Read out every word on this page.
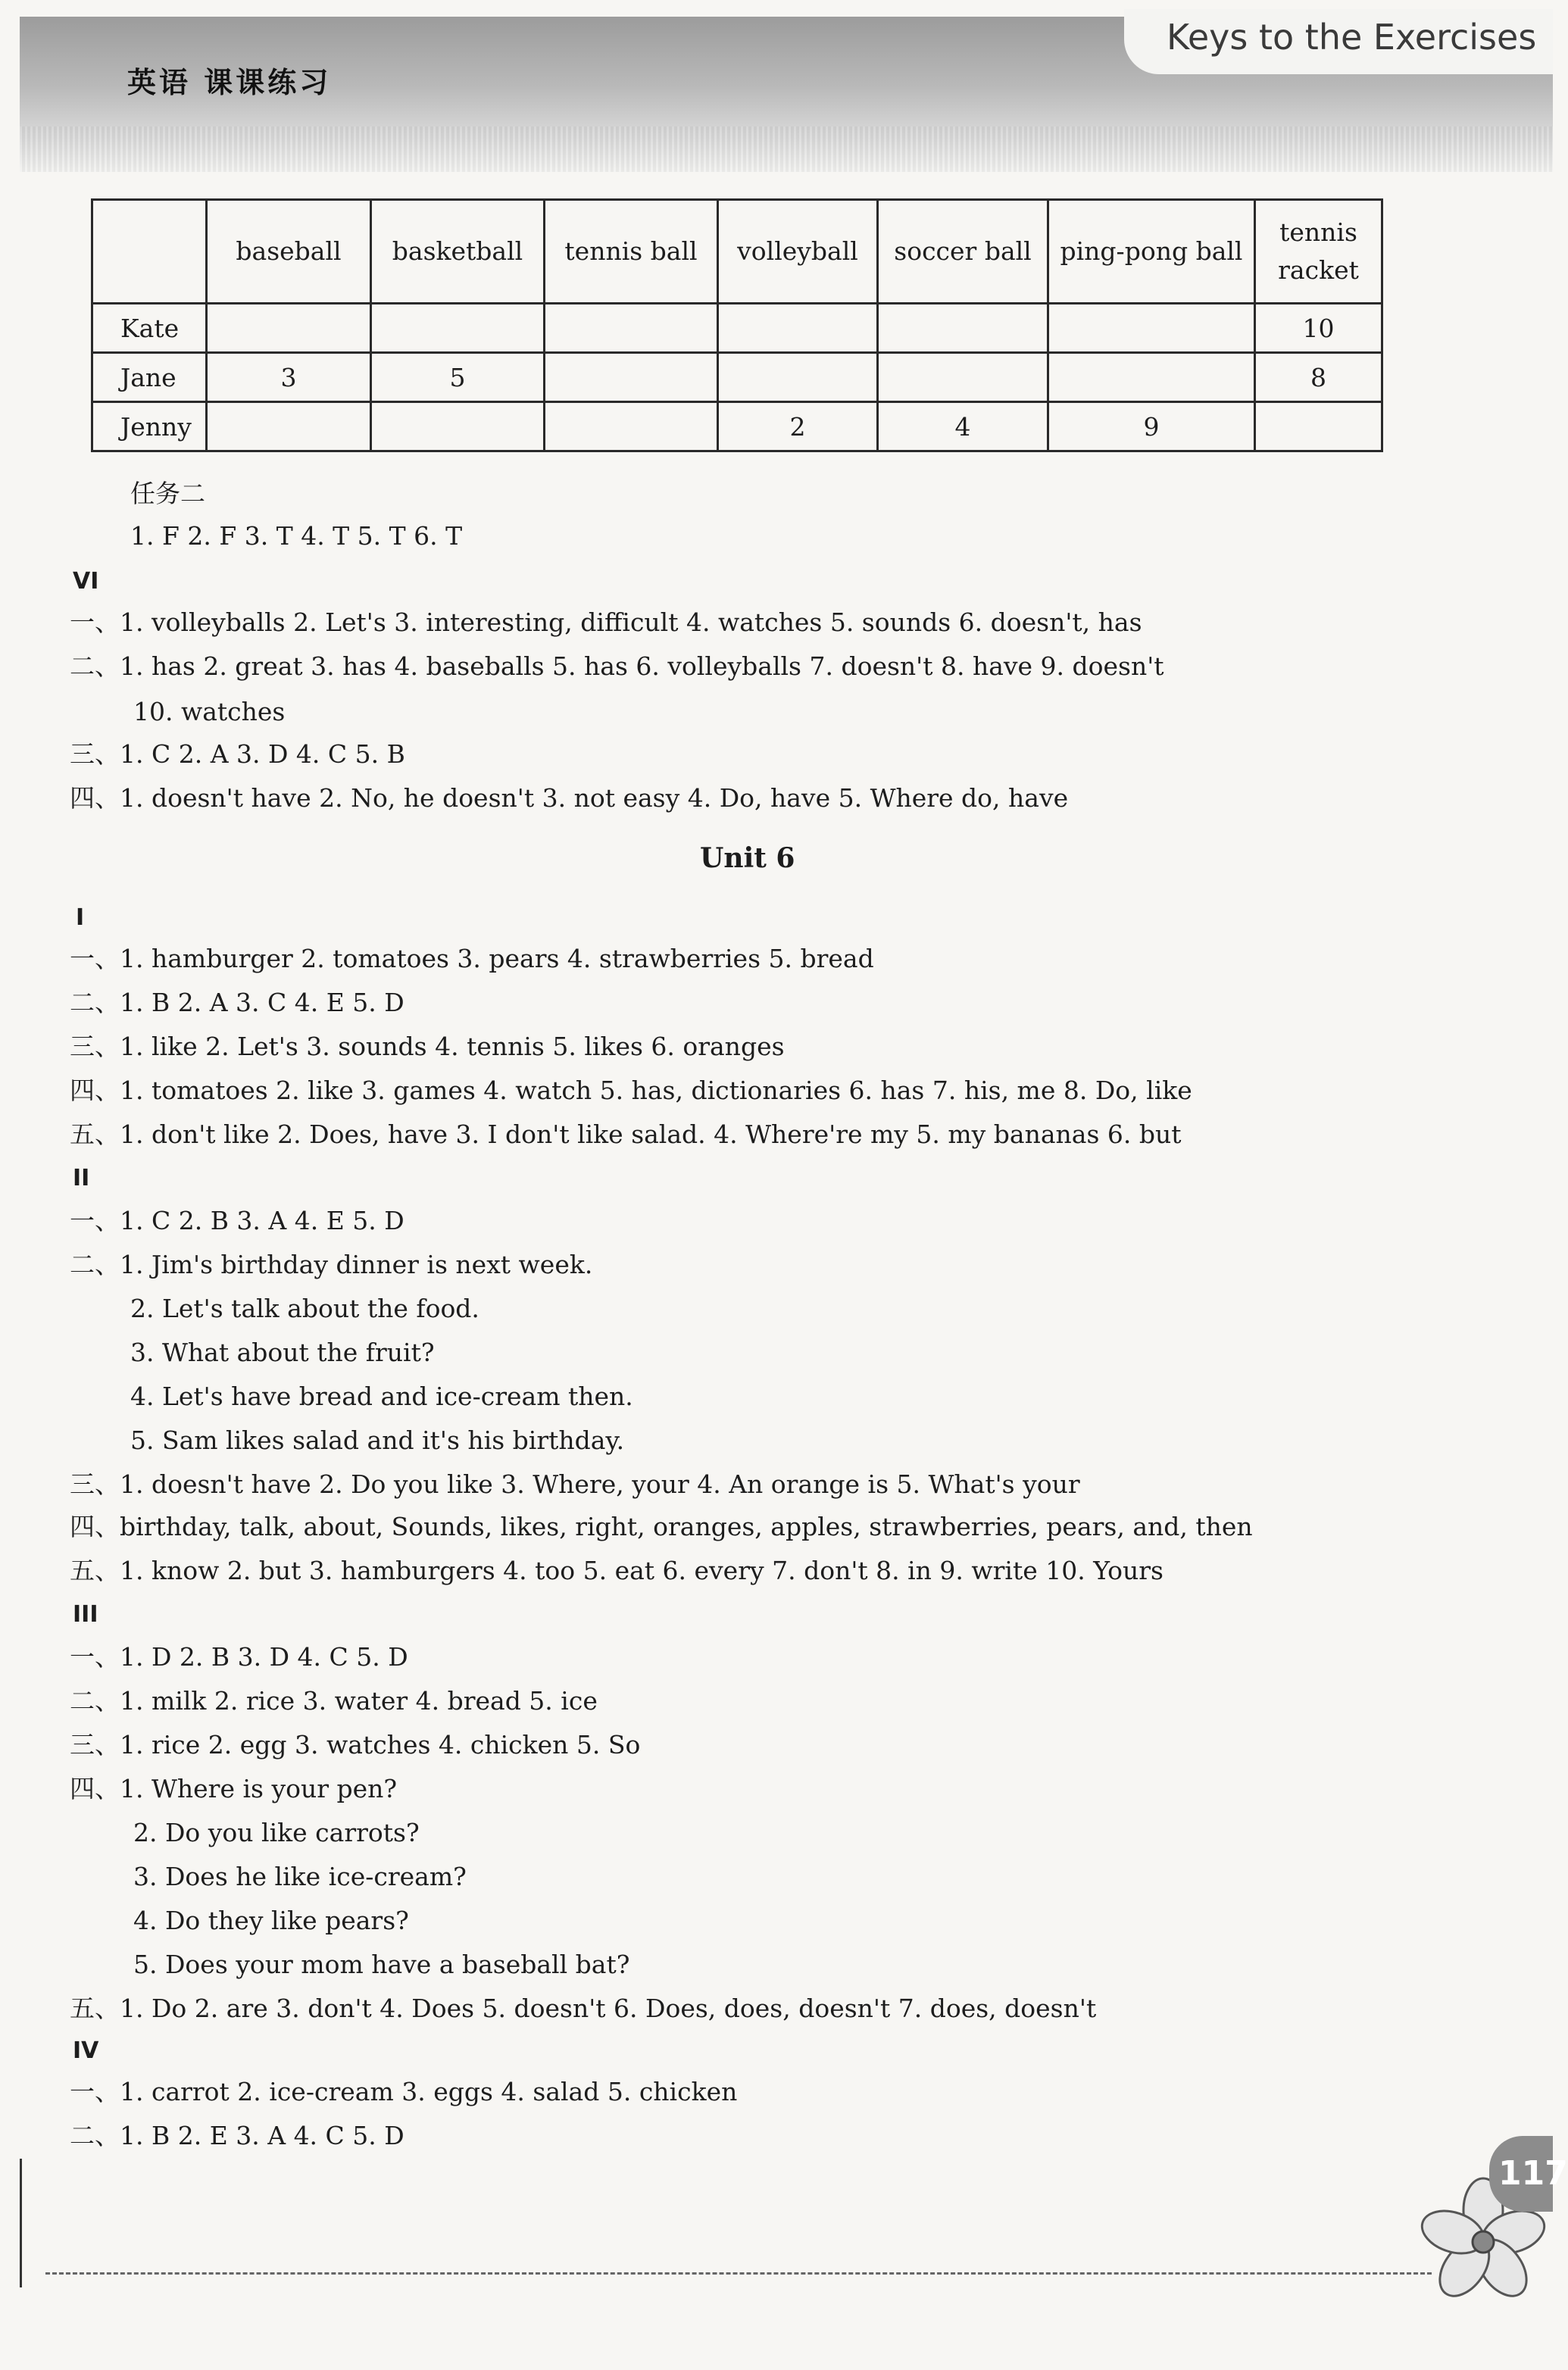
英语 课课练习
Keys to the Exercises
	baseball	basketball	tennis ball	volleyball	soccer ball	ping-pong ball	tennis racket
Kate							10
Jane	3	5					8
Jenny				2	4	9	
任务二
1. F 2. F 3. T 4. T 5. T 6. T
VI
一、1. volleyballs 2. Let's 3. interesting, difficult 4. watches 5. sounds 6. doesn't, has
二、1. has 2. great 3. has 4. baseballs 5. has 6. volleyballs 7. doesn't 8. have 9. doesn't
10. watches
三、1. C 2. A 3. D 4. C 5. B
四、1. doesn't have 2. No, he doesn't 3. not easy 4. Do, have 5. Where do, have
Unit 6
I
一、1. hamburger 2. tomatoes 3. pears 4. strawberries 5. bread
二、1. B 2. A 3. C 4. E 5. D
三、1. like 2. Let's 3. sounds 4. tennis 5. likes 6. oranges
四、1. tomatoes 2. like 3. games 4. watch 5. has, dictionaries 6. has 7. his, me 8. Do, like
五、1. don't like 2. Does, have 3. I don't like salad. 4. Where're my 5. my bananas 6. but
II
一、1. C 2. B 3. A 4. E 5. D
二、1. Jim's birthday dinner is next week.
2. Let's talk about the food.
3. What about the fruit?
4. Let's have bread and ice-cream then.
5. Sam likes salad and it's his birthday.
三、1. doesn't have 2. Do you like 3. Where, your 4. An orange is 5. What's your
四、birthday, talk, about, Sounds, likes, right, oranges, apples, strawberries, pears, and, then
五、1. know 2. but 3. hamburgers 4. too 5. eat 6. every 7. don't 8. in 9. write 10. Yours
III
一、1. D 2. B 3. D 4. C 5. D
二、1. milk 2. rice 3. water 4. bread 5. ice
三、1. rice 2. egg 3. watches 4. chicken 5. So
四、1. Where is your pen?
2. Do you like carrots?
3. Does he like ice-cream?
4. Do they like pears?
5. Does your mom have a baseball bat?
五、1. Do 2. are 3. don't 4. Does 5. doesn't 6. Does, does, doesn't 7. does, doesn't
IV
一、1. carrot 2. ice-cream 3. eggs 4. salad 5. chicken
二、1. B 2. E 3. A 4. C 5. D
117
